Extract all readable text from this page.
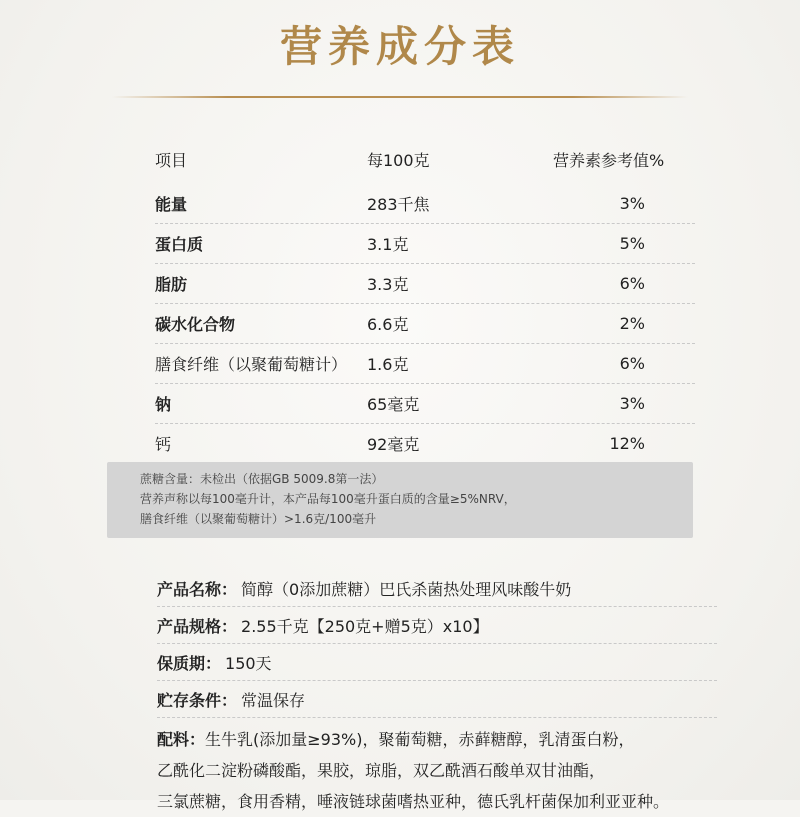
营养成分表
项目	每100克	营养素参考值%
能量	283千焦	3%
蛋白质	3.1克	5%
脂肪	3.3克	6%
碳水化合物	6.6克	2%
膳食纤维（以聚葡萄糖计）	1.6克	6%
钠	65毫克	3%
钙	92毫克	12%
蔗糖含量：未检出（依据GB 5009.8第一法）
营养声称以每100毫升计，本产品每100毫升蛋白质的含量≥5%NRV，
膳食纤维（以聚葡萄糖计）>1.6克/100毫升
产品名称： 简醇（0添加蔗糖）巴氏杀菌热处理风味酸牛奶
产品规格： 2.55千克【250克+赠5克）x10】
保质期： 150天
贮存条件： 常温保存
配料：生牛乳(添加量≥93%)，聚葡萄糖，赤藓糖醇，乳清蛋白粉，
乙酰化二淀粉磷酸酯，果胶，琼脂，双乙酰酒石酸单双甘油酯，
三氯蔗糖，食用香精，唾液链球菌嗜热亚种，德氏乳杆菌保加利亚亚种。
